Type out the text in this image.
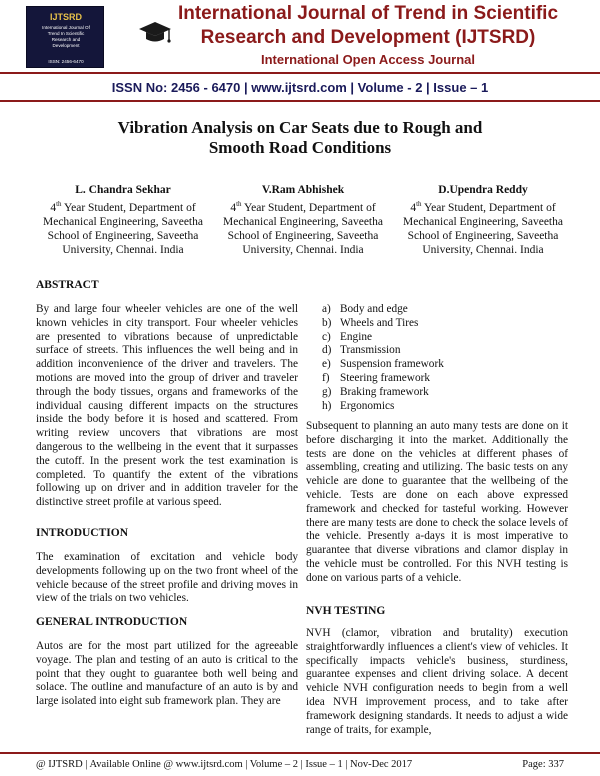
IJTSRD
International Journal Of
Trend In Scientific
Research and
Development
ISSN: 2456-6470
International Journal of Trend in Scientific
Research and Development (IJTSRD)
International Open Access Journal
ISSN No: 2456 - 6470 | www.ijtsrd.com | Volume - 2 | Issue – 1
Vibration Analysis on Car Seats due to Rough and
Smooth Road Conditions
L. Chandra Sekhar
4th Year Student, Department of
Mechanical Engineering, Saveetha
School of Engineering, Saveetha
University, Chennai. India
V.Ram Abhishek
4th Year Student, Department of
Mechanical Engineering, Saveetha
School of Engineering, Saveetha
University, Chennai. India
D.Upendra Reddy
4th Year Student, Department of
Mechanical Engineering, Saveetha
School of Engineering, Saveetha
University, Chennai. India
ABSTRACT
By and large four wheeler vehicles are one of the well known vehicles in city transport. Four wheeler vehicles are presented to vibrations because of unpredictable surface of streets. This influences the well being and in addition inconvenience of the driver and travelers. The motions are moved into the group of driver and traveler through the body tissues, organs and frameworks of the individual causing different impacts on the structures inside the body before it is hosed and scattered. From writing review uncovers that vibrations are most dangerous to the wellbeing in the event that it surpasses the cutoff. In the present work the test examination is completed. To quantify the extent of the vibrations following up on driver and in addition traveler for the distinctive street profile at various speed.
INTRODUCTION
The examination of excitation and vehicle body developments following up on the two front wheel of the vehicle because of the street profile and driving moves in view of the trials on two vehicles.
GENERAL INTRODUCTION
Autos are for the most part utilized for the agreeable voyage. The plan and testing of an auto is critical to the point that they ought to guarantee both well being and solace. The outline and manufacture of an auto is by and large isolated into eight sub framework plan. They are
a) Body and edge
b) Wheels and Tires
c) Engine
d) Transmission
e) Suspension framework
f) Steering framework
g) Braking framework
h) Ergonomics
Subsequent to planning an auto many tests are done on it before discharging it into the market. Additionally the tests are done on the vehicles at different phases of assembling, creating and utilizing. The basic tests on any vehicle are done to guarantee that the wellbeing of the vehicle. Tests are done on each above expressed framework and checked for tasteful working. However there are many tests are done to check the solace levels of the vehicle. Presently a-days it is most imperative to guarantee that diverse vibrations and clamor display in the vehicle must be controlled. For this NVH testing is done on various parts of a vehicle.
NVH TESTING
NVH (clamor, vibration and brutality) execution straightforwardly influences a client's view of vehicles. It specifically impacts vehicle's business, sturdiness, guarantee expenses and client driving solace. A decent vehicle NVH configuration needs to begin from a well idea NVH improvement process, and to take after framework designing standards. It needs to adjust a wide range of traits, for example,
@ IJTSRD | Available Online @ www.ijtsrd.com | Volume – 2 | Issue – 1 | Nov-Dec 2017	Page: 337
